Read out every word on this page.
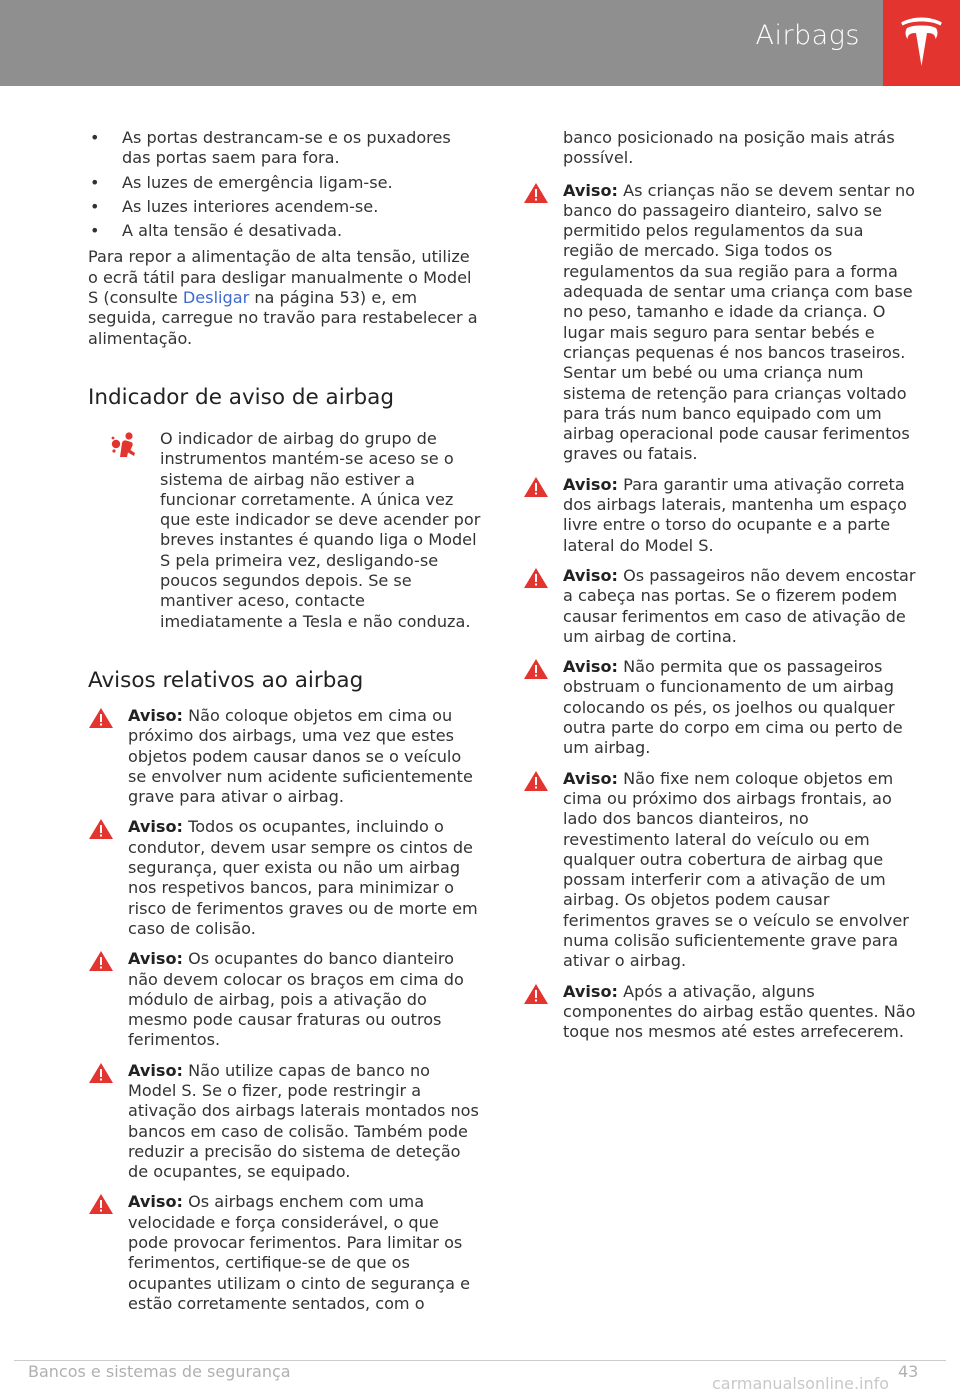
Airbags
• As portas destrancam-se e os puxadores das portas saem para fora.
• As luzes de emergência ligam-se.
• As luzes interiores acendem-se.
• A alta tensão é desativada.

Para repor a alimentação de alta tensão, utilize o ecrã tátil para desligar manualmente o Model S (consulte Desligar na página 53) e, em seguida, carregue no travão para restabelecer a alimentação.

Indicador de aviso de airbag

O indicador de airbag do grupo de instrumentos mantém-se aceso se o sistema de airbag não estiver a funcionar corretamente. A única vez que este indicador se deve acender por breves instantes é quando liga o Model S pela primeira vez, desligando-se poucos segundos depois. Se se mantiver aceso, contacte imediatamente a Tesla e não conduza.

Avisos relativos ao airbag

Aviso: Não coloque objetos em cima ou próximo dos airbags, uma vez que estes objetos podem causar danos se o veículo se envolver num acidente suficientemente grave para ativar o airbag.

Aviso: Todos os ocupantes, incluindo o condutor, devem usar sempre os cintos de segurança, quer exista ou não um airbag nos respetivos bancos, para minimizar o risco de ferimentos graves ou de morte em caso de colisão.

Aviso: Os ocupantes do banco dianteiro não devem colocar os braços em cima do módulo de airbag, pois a ativação do mesmo pode causar fraturas ou outros ferimentos.

Aviso: Não utilize capas de banco no Model S. Se o fizer, pode restringir a ativação dos airbags laterais montados nos bancos em caso de colisão. Também pode reduzir a precisão do sistema de deteção de ocupantes, se equipado.

Aviso: Os airbags enchem com uma velocidade e força considerável, o que pode provocar ferimentos. Para limitar os ferimentos, certifique-se de que os ocupantes utilizam o cinto de segurança e estão corretamente sentados, com o

banco posicionado na posição mais atrás possível.

Aviso: As crianças não se devem sentar no banco do passageiro dianteiro, salvo se permitido pelos regulamentos da sua região de mercado. Siga todos os regulamentos da sua região para a forma adequada de sentar uma criança com base no peso, tamanho e idade da criança. O lugar mais seguro para sentar bebés e crianças pequenas é nos bancos traseiros. Sentar um bebé ou uma criança num sistema de retenção para crianças voltado para trás num banco equipado com um airbag operacional pode causar ferimentos graves ou fatais.

Aviso: Para garantir uma ativação correta dos airbags laterais, mantenha um espaço livre entre o torso do ocupante e a parte lateral do Model S.

Aviso: Os passageiros não devem encostar a cabeça nas portas. Se o fizerem podem causar ferimentos em caso de ativação de um airbag de cortina.

Aviso: Não permita que os passageiros obstruam o funcionamento de um airbag colocando os pés, os joelhos ou qualquer outra parte do corpo em cima ou perto de um airbag.

Aviso: Não fixe nem coloque objetos em cima ou próximo dos airbags frontais, ao lado dos bancos dianteiros, no revestimento lateral do veículo ou em qualquer outra cobertura de airbag que possam interferir com a ativação de um airbag. Os objetos podem causar ferimentos graves se o veículo se envolver numa colisão suficientemente grave para ativar o airbag.

Aviso: Após a ativação, alguns componentes do airbag estão quentes. Não toque nos mesmos até estes arrefecerem.

Bancos e sistemas de segurança	43
carmanualsonline.info
